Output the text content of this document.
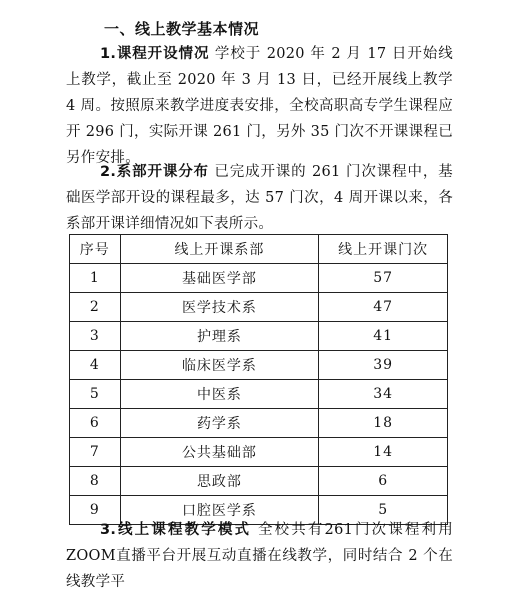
一、线上教学基本情况
1.课程开设情况 学校于 2020 年 2 月 17 日开始线上教学，截止至 2020 年 3 月 13 日，已经开展线上教学 4 周。按照原来教学进度表安排，全校高职高专学生课程应开 296 门，实际开课 261 门，另外 35 门次不开课课程已另作安排。
2.系部开课分布 已完成开课的 261 门次课程中，基础医学部开设的课程最多，达 57 门次，4 周开课以来，各系部开课详细情况如下表所示。
序号	线上开课系部	线上开课门次
1	基础医学部	57
2	医学技术系	47
3	护理系	41
4	临床医学系	39
5	中医系	34
6	药学系	18
7	公共基础部	14
8	思政部	6
9	口腔医学系	5
3.线上课程教学模式 全校共有261门次课程利用ZOOM直播平台开展互动直播在线教学，同时结合 2 个在线教学平
